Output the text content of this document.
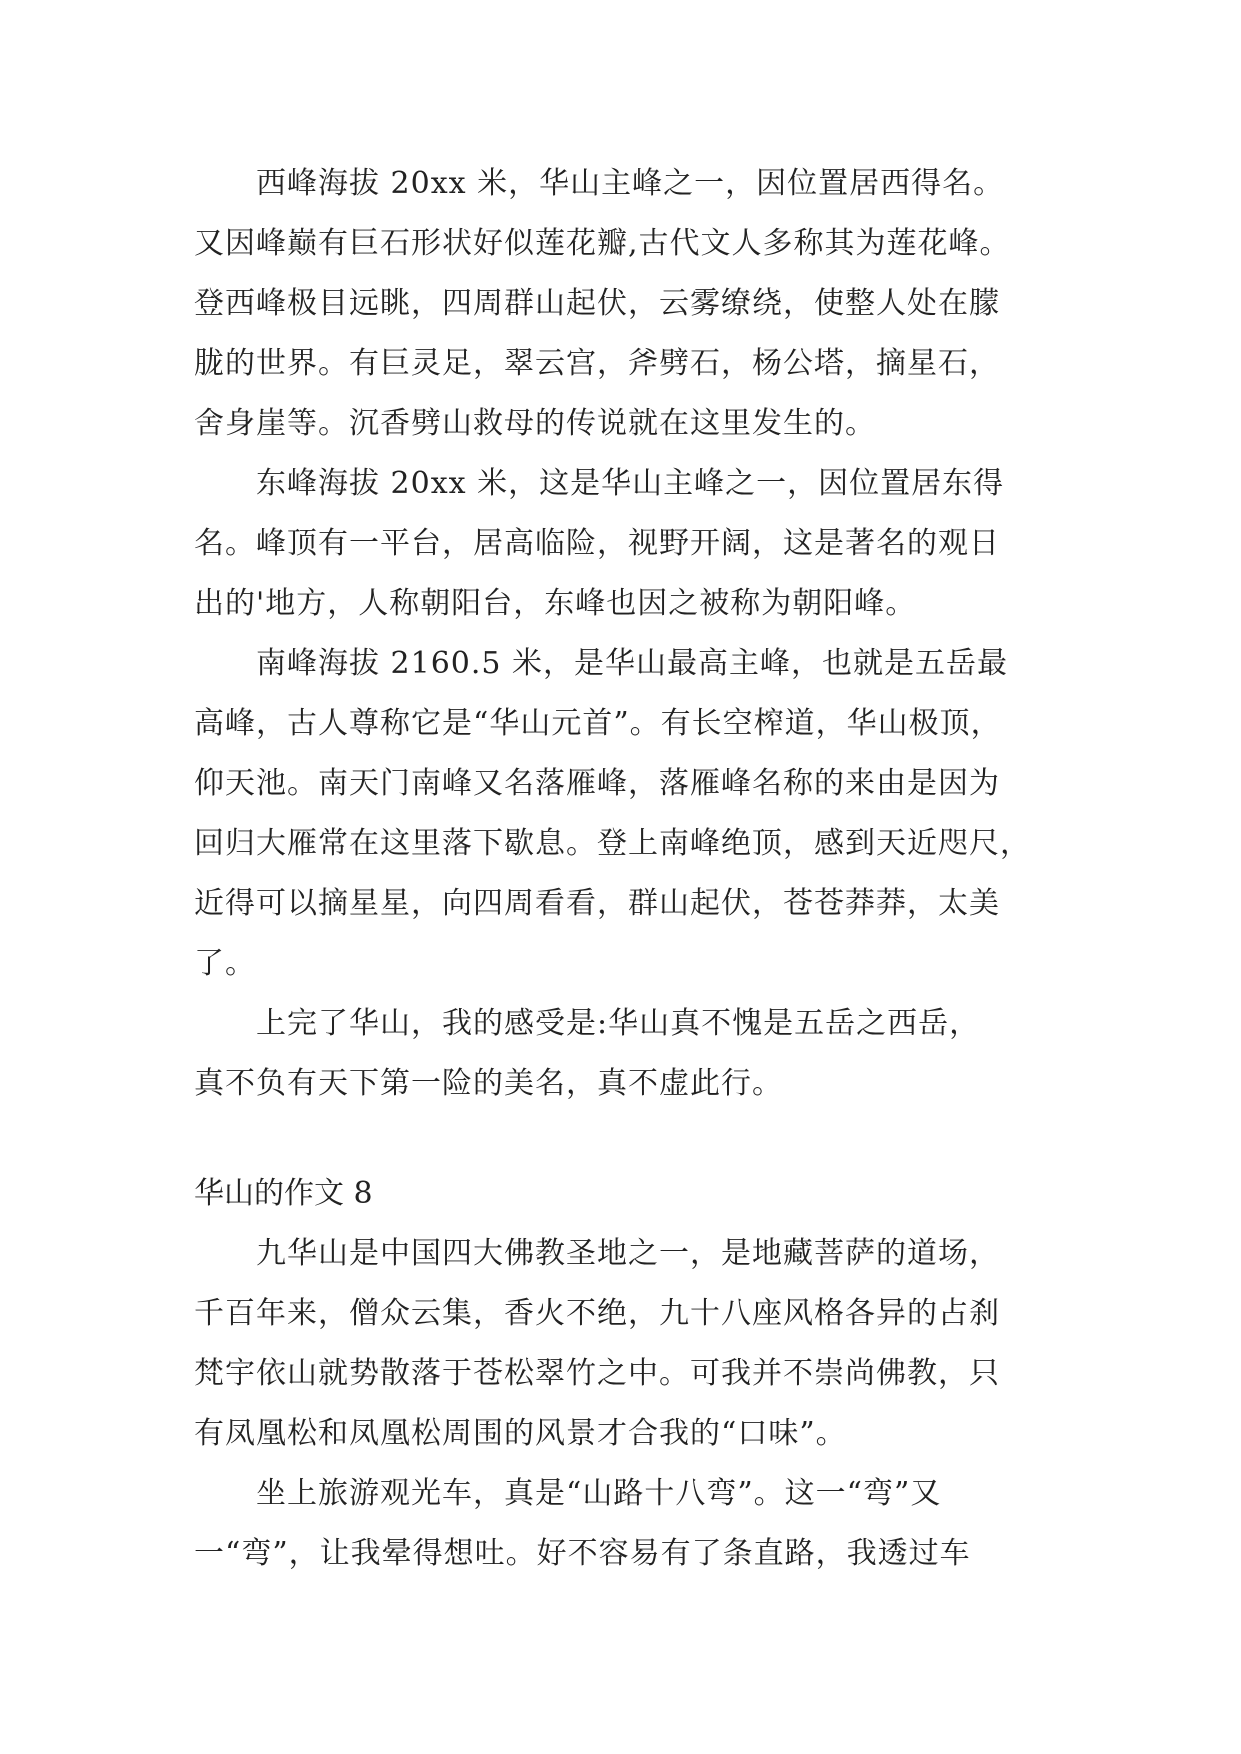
西峰海拔 20xx 米，华山主峰之一，因位置居西得名。
又因峰巅有巨石形状好似莲花瓣,古代文人多称其为莲花峰。
登西峰极目远眺，四周群山起伏，云雾缭绕，使整人处在朦
胧的世界。有巨灵足，翠云宫，斧劈石，杨公塔，摘星石，
舍身崖等。沉香劈山救母的传说就在这里发生的。
东峰海拔 20xx 米，这是华山主峰之一，因位置居东得
名。峰顶有一平台，居高临险，视野开阔，这是著名的观日
出的'地方，人称朝阳台，东峰也因之被称为朝阳峰。
南峰海拔 2160.5 米，是华山最高主峰，也就是五岳最
高峰，古人尊称它是“华山元首”。有长空榨道，华山极顶，
仰天池。南天门南峰又名落雁峰，落雁峰名称的来由是因为
回归大雁常在这里落下歇息。登上南峰绝顶，感到天近咫尺，
近得可以摘星星，向四周看看，群山起伏，苍苍莽莽，太美
了。
上完了华山，我的感受是:华山真不愧是五岳之西岳，
真不负有天下第一险的美名，真不虚此行。
华山的作文 8
九华山是中国四大佛教圣地之一，是地藏菩萨的道场，
千百年来，僧众云集，香火不绝，九十八座风格各异的占刹
梵宇依山就势散落于苍松翠竹之中。可我并不崇尚佛教，只
有凤凰松和凤凰松周围的风景才合我的“口味”。
坐上旅游观光车，真是“山路十八弯”。这一“弯”又
一“弯”，让我晕得想吐。好不容易有了条直路，我透过车
